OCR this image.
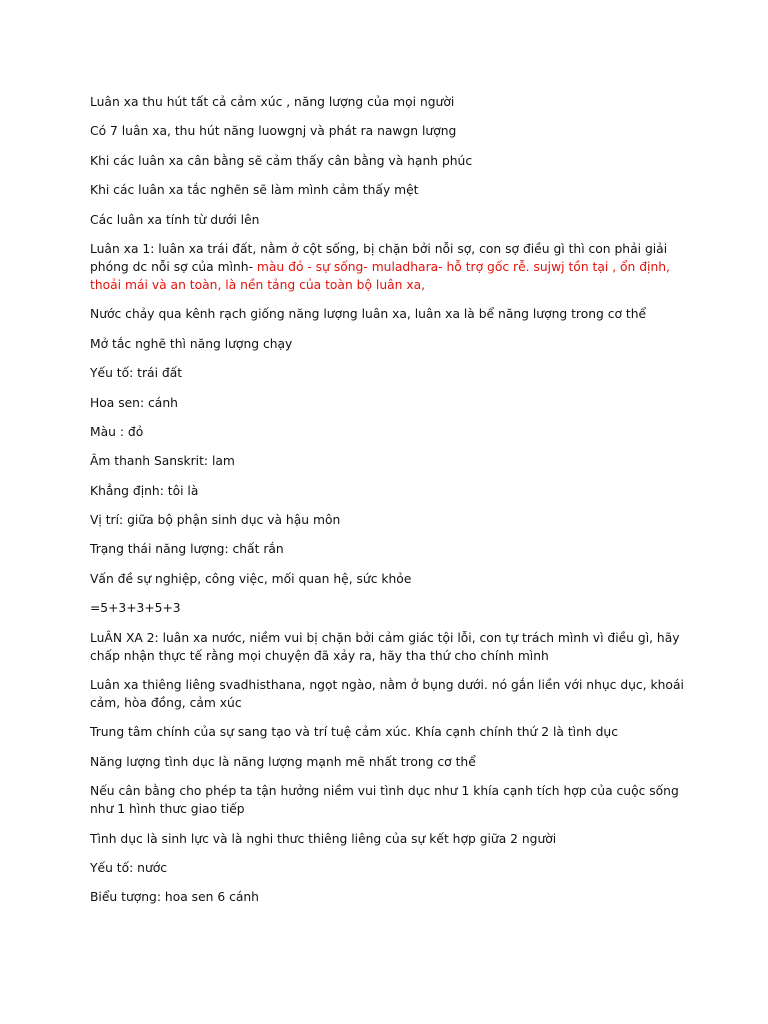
Luân xa thu hút tất cả cảm xúc , năng lượng của mọi người

Có 7 luân xa, thu hút năng luowgnj và phát ra nawgn lượng

Khi các luân xa cân bằng sẽ cảm thấy cân bằng và hạnh phúc

Khi các luân xa tắc nghẽn sẽ làm mình cảm thấy mệt

Các luân xa tính từ dưới lên

Luân xa 1: luân xa trái đất, nằm ở cột sống, bị chặn bởi nỗi sợ, con sợ điều gì thì con phải giải phóng dc nỗi sợ của mình- màu đỏ - sự sống- muladhara- hỗ trợ gốc rễ. sujwj tồn tại , ổn định, thoải mái và an toàn, là nền tảng của toàn bộ luân xa,

Nước chảy qua kênh rạch giống năng lượng luân xa, luân xa là bể năng lượng trong cơ thể

Mở tắc nghẽ thì năng lượng chạy

Yếu tố: trái đất

Hoa sen: cánh

Màu : đỏ

Âm thanh Sanskrit: lam

Khẳng định: tôi là

Vị trí: giữa bộ phận sinh dục và hậu môn

Trạng thái năng lượng: chất rắn

Vấn đề sự nghiệp, công việc, mối quan hệ, sức khỏe

=5+3+3+5+3

LuÂN XA 2: luân xa nước, niềm vui bị chặn bởi cảm giác tội lỗi, con tự trách mình vì điều gì, hãy chấp nhận thực tế rằng mọi chuyện đã xảy ra, hãy tha thứ cho chính mình

Luân xa thiêng liêng svadhisthana, ngọt ngào, nằm ở bụng dưới. nó gắn liền với nhục dục, khoái cảm, hòa đồng, cảm xúc

Trung tâm chính của sự sang tạo và trí tuệ cảm xúc. Khía cạnh chính thứ 2 là tình dục

Năng lượng tình dục là năng lượng mạnh mẽ nhất trong cơ thể

Nếu cân bằng cho phép ta tận hưởng niềm vui tình dục như 1 khía cạnh tích hợp của cuộc sống như 1 hình thưc giao tiếp

Tình dục là sinh lực và là nghi thưc thiêng liêng của sự kết hợp giữa 2 người

Yếu tố: nước

Biểu tượng: hoa sen 6 cánh
